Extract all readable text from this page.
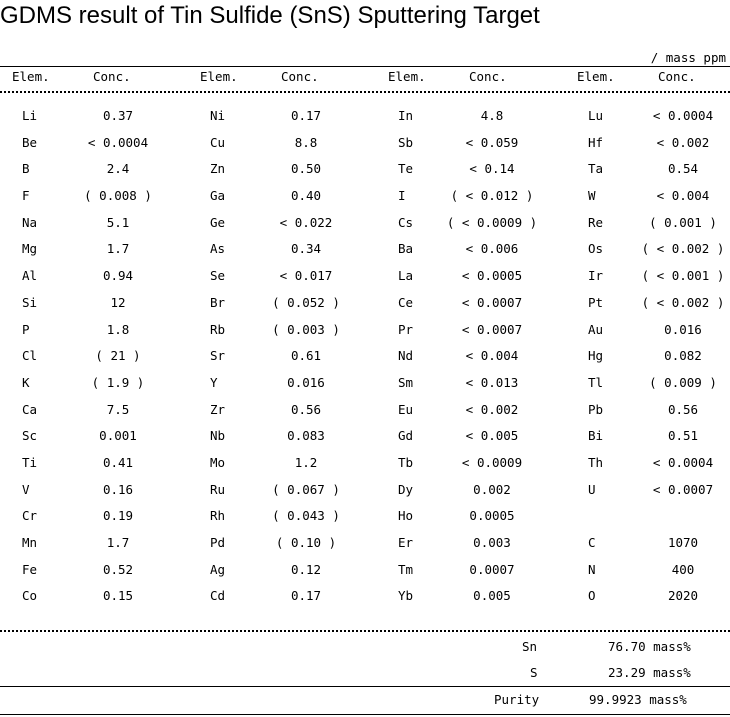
GDMS result of Tin Sulfide (SnS) Sputtering Target
/ mass ppm
Elem.	Conc.	Elem.	Conc.	Elem.	Conc.	Elem.	Conc.
Li	0.37	Ni	0.17	In	4.8	Lu	< 0.0004
Be	< 0.0004	Cu	8.8	Sb	< 0.059	Hf	< 0.002
B	2.4	Zn	0.50	Te	< 0.14	Ta	0.54
F	( 0.008 )	Ga	0.40	I	( < 0.012 )	W	< 0.004
Na	5.1	Ge	< 0.022	Cs	( < 0.0009 )	Re	( 0.001 )
Mg	1.7	As	0.34	Ba	< 0.006	Os	( < 0.002 )
Al	0.94	Se	< 0.017	La	< 0.0005	Ir	( < 0.001 )
Si	12	Br	( 0.052 )	Ce	< 0.0007	Pt	( < 0.002 )
P	1.8	Rb	( 0.003 )	Pr	< 0.0007	Au	0.016
Cl	( 21 )	Sr	0.61	Nd	< 0.004	Hg	0.082
K	( 1.9 )	Y	0.016	Sm	< 0.013	Tl	( 0.009 )
Ca	7.5	Zr	0.56	Eu	< 0.002	Pb	0.56
Sc	0.001	Nb	0.083	Gd	< 0.005	Bi	0.51
Ti	0.41	Mo	1.2	Tb	< 0.0009	Th	< 0.0004
V	0.16	Ru	( 0.067 )	Dy	0.002	U	< 0.0007
Cr	0.19	Rh	( 0.043 )	Ho	0.0005
Mn	1.7	Pd	( 0.10 )	Er	0.003	C	1070
Fe	0.52	Ag	0.12	Tm	0.0007	N	400
Co	0.15	Cd	0.17	Yb	0.005	O	2020
Sn	76.70 mass%
S	23.29 mass%
Purity	99.9923 mass%
